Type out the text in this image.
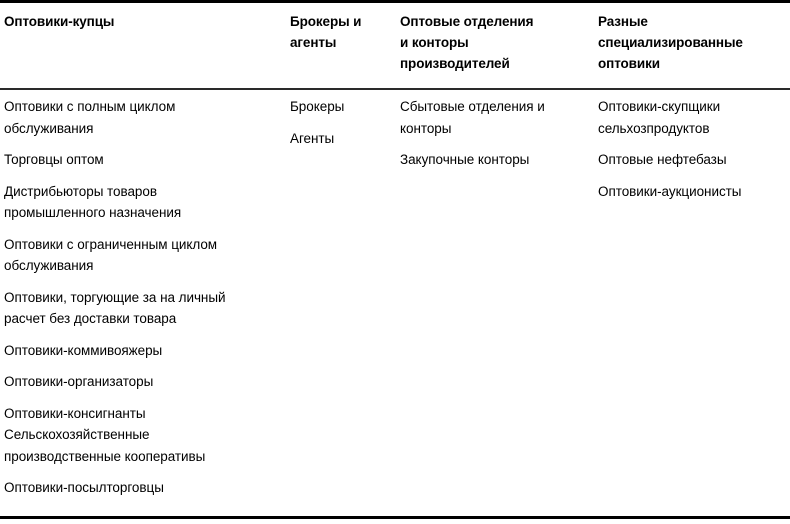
Оптовики-купцы	Брокеры и
агенты
Оптовые отделения
и конторы
производителей
Разные
специализированные
оптовики
Оптовики с полным циклом
обслуживания
Торговцы оптом
Дистрибьюторы товаров
промышленного назначения
Оптовики с ограниченным циклом
обслуживания
Оптовики, торгующие за на личный
расчет без доставки товара
Оптовики-коммивояжеры
Оптовики-организаторы
Оптовики-консигнанты
Сельскохозяйственные
производственные кооперативы
Оптовики-посылторговцы
Брокеры
Агенты
Сбытовые отделения и
конторы
Закупочные конторы
Оптовики-скупщики
сельхозпродуктов
Оптовые нефтебазы
Оптовики-аукционисты
